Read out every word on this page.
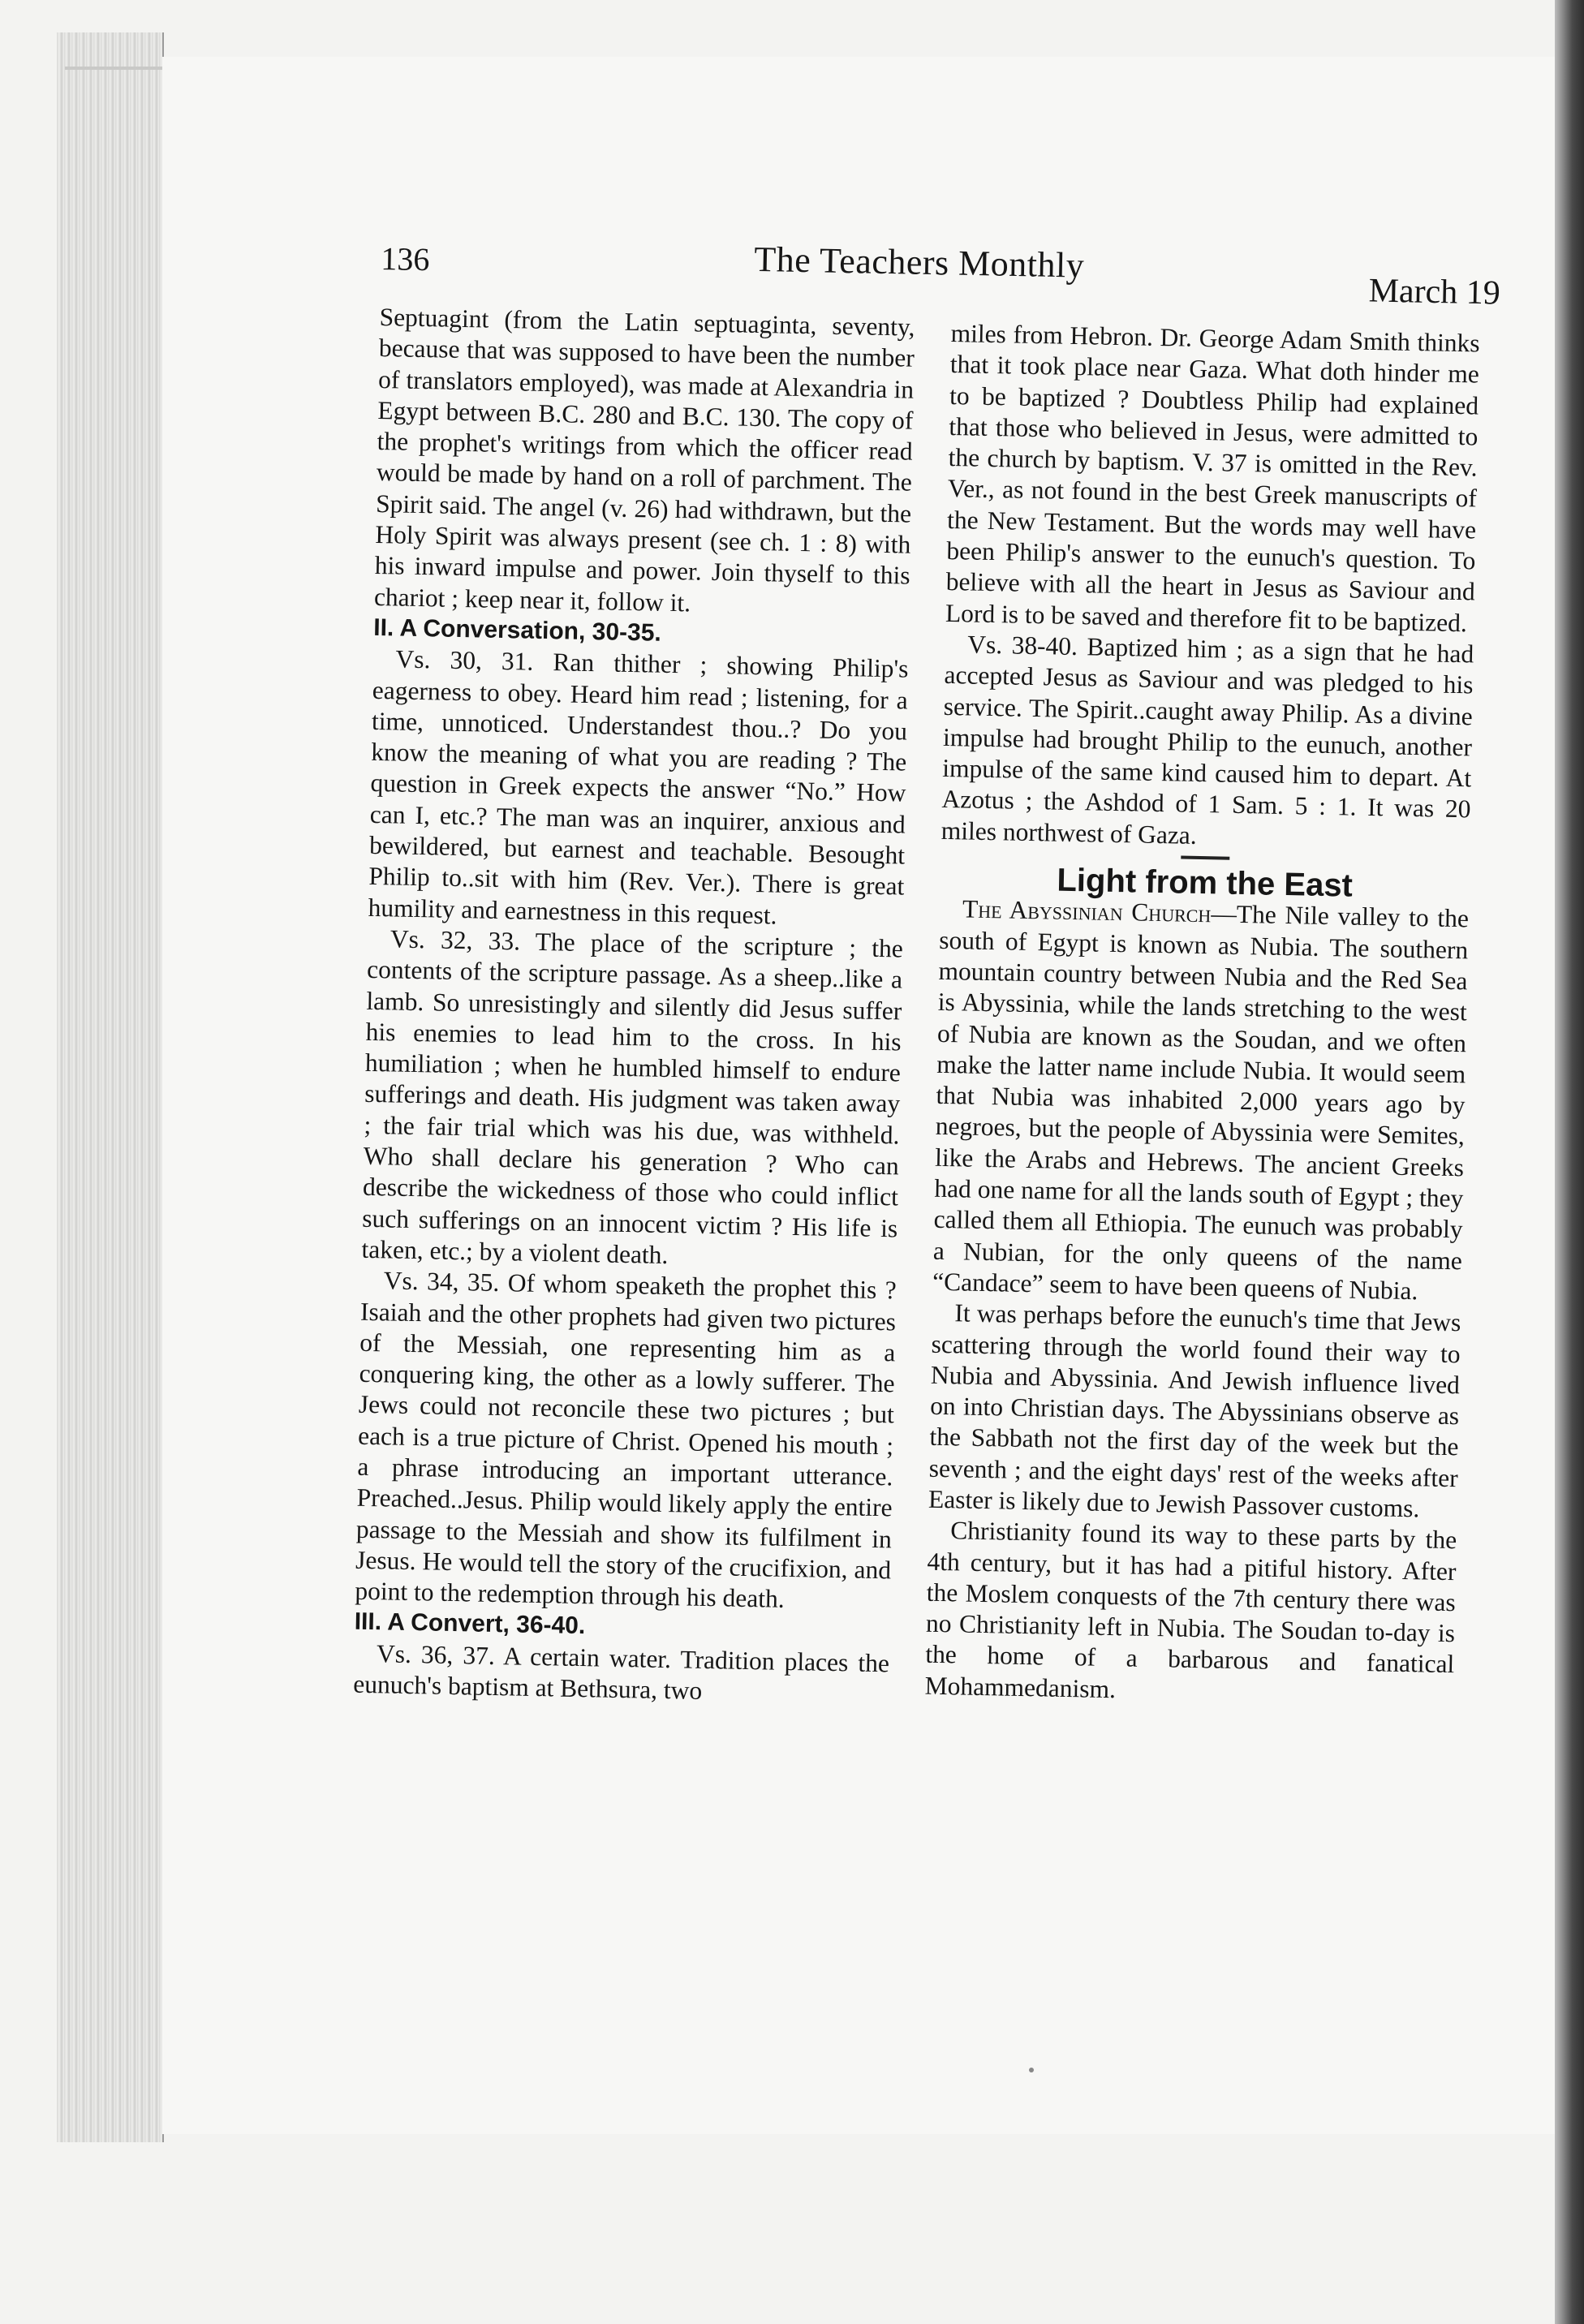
136	The Teachers Monthly
March 19

Septuagint (from the Latin septuaginta, seventy, because that was supposed to have been the number of translators employed), was made at Alexandria in Egypt between B.C. 280 and B.C. 130. The copy of the prophet's writings from which the officer read would be made by hand on a roll of parchment. The Spirit said. The angel (v. 26) had withdrawn, but the Holy Spirit was always present (see ch. 1 : 8) with his inward impulse and power. Join thyself to this chariot ; keep near it, follow it.

II. A Conversation, 30-35.

Vs. 30, 31. Ran thither ; showing Philip's eagerness to obey. Heard him read ; listening, for a time, unnoticed. Understandest thou..? Do you know the meaning of what you are reading ? The question in Greek expects the answer “No.” How can I, etc.? The man was an inquirer, anxious and bewildered, but earnest and teachable. Besought Philip to..sit with him (Rev. Ver.). There is great humility and earnestness in this request.

Vs. 32, 33. The place of the scripture ; the contents of the scripture passage. As a sheep..like a lamb. So unresistingly and silently did Jesus suffer his enemies to lead him to the cross. In his humiliation ; when he humbled himself to endure sufferings and death. His judgment was taken away ; the fair trial which was his due, was withheld. Who shall declare his generation ? Who can describe the wickedness of those who could inflict such sufferings on an innocent victim ? His life is taken, etc.; by a violent death.

Vs. 34, 35. Of whom speaketh the prophet this ? Isaiah and the other prophets had given two pictures of the Messiah, one representing him as a conquering king, the other as a lowly sufferer. The Jews could not reconcile these two pictures ; but each is a true picture of Christ. Opened his mouth ; a phrase introducing an important utterance. Preached..Jesus. Philip would likely apply the entire passage to the Messiah and show its fulfilment in Jesus. He would tell the story of the crucifixion, and point to the redemption through his death.

III. A Convert, 36-40.

Vs. 36, 37. A certain water. Tradition places the eunuch's baptism at Bethsura, two

miles from Hebron. Dr. George Adam Smith thinks that it took place near Gaza. What doth hinder me to be baptized ? Doubtless Philip had explained that those who believed in Jesus, were admitted to the church by baptism. V. 37 is omitted in the Rev. Ver., as not found in the best Greek manuscripts of the New Testament. But the words may well have been Philip's answer to the eunuch's question. To believe with all the heart in Jesus as Saviour and Lord is to be saved and therefore fit to be baptized.

Vs. 38-40. Baptized him ; as a sign that he had accepted Jesus as Saviour and was pledged to his service. The Spirit..caught away Philip. As a divine impulse had brought Philip to the eunuch, another impulse of the same kind caused him to depart. At Azotus ; the Ashdod of 1 Sam. 5 : 1. It was 20 miles northwest of Gaza.

Light from the East

The Abyssinian Church—The Nile valley to the south of Egypt is known as Nubia. The southern mountain country between Nubia and the Red Sea is Abyssinia, while the lands stretching to the west of Nubia are known as the Soudan, and we often make the latter name include Nubia. It would seem that Nubia was inhabited 2,000 years ago by negroes, but the people of Abyssinia were Semites, like the Arabs and Hebrews. The ancient Greeks had one name for all the lands south of Egypt ; they called them all Ethiopia. The eunuch was probably a Nubian, for the only queens of the name “Candace” seem to have been queens of Nubia.

It was perhaps before the eunuch's time that Jews scattering through the world found their way to Nubia and Abyssinia. And Jewish influence lived on into Christian days. The Abyssinians observe as the Sabbath not the first day of the week but the seventh ; and the eight days' rest of the weeks after Easter is likely due to Jewish Passover customs.

Christianity found its way to these parts by the 4th century, but it has had a pitiful history. After the Moslem conquests of the 7th century there was no Christianity left in Nubia. The Soudan to-day is the home of a barbarous and fanatical Mohammedanism.
